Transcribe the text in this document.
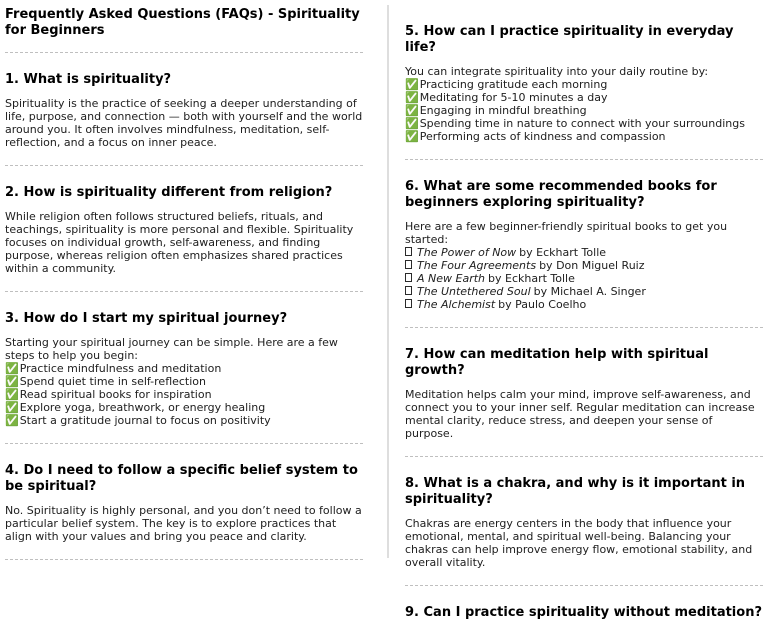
Frequently Asked Questions (FAQs) - Spirituality for Beginners
1. What is spirituality?

Spirituality is the practice of seeking a deeper understanding of life, purpose, and connection — both with yourself and the world around you. It often involves mindfulness, meditation, self-reflection, and a focus on inner peace.

2. How is spirituality different from religion?

While religion often follows structured beliefs, rituals, and teachings, spirituality is more personal and flexible. Spirituality focuses on individual growth, self-awareness, and finding purpose, whereas religion often emphasizes shared practices within a community.

3. How do I start my spiritual journey?

Starting your spiritual journey can be simple. Here are a few steps to help you begin:

✅Practice mindfulness and meditation
✅Spend quiet time in self-reflection
✅Read spiritual books for inspiration
✅Explore yoga, breathwork, or energy healing
✅Start a gratitude journal to focus on positivity
4. Do I need to follow a specific belief system to be spiritual?

No. Spirituality is highly personal, and you don’t need to follow a particular belief system. The key is to explore practices that align with your values and bring you peace and clarity.

5. How can I practice spirituality in everyday life?

You can integrate spirituality into your daily routine by:

✅Practicing gratitude each morning
✅Meditating for 5-10 minutes a day
✅Engaging in mindful breathing
✅Spending time in nature to connect with your surroundings
✅Performing acts of kindness and compassion
6. What are some recommended books for beginners exploring spirituality?

Here are a few beginner-friendly spiritual books to get you started:

The Power of Now by Eckhart Tolle
The Four Agreements by Don Miguel Ruiz
A New Earth by Eckhart Tolle
The Untethered Soul by Michael A. Singer
The Alchemist by Paulo Coelho
7. How can meditation help with spiritual growth?

Meditation helps calm your mind, improve self-awareness, and connect you to your inner self. Regular meditation can increase mental clarity, reduce stress, and deepen your sense of purpose.

8. What is a chakra, and why is it important in spirituality?

Chakras are energy centers in the body that influence your emotional, mental, and spiritual well-being. Balancing your chakras can help improve energy flow, emotional stability, and overall vitality.

9. Can I practice spirituality without meditation?
